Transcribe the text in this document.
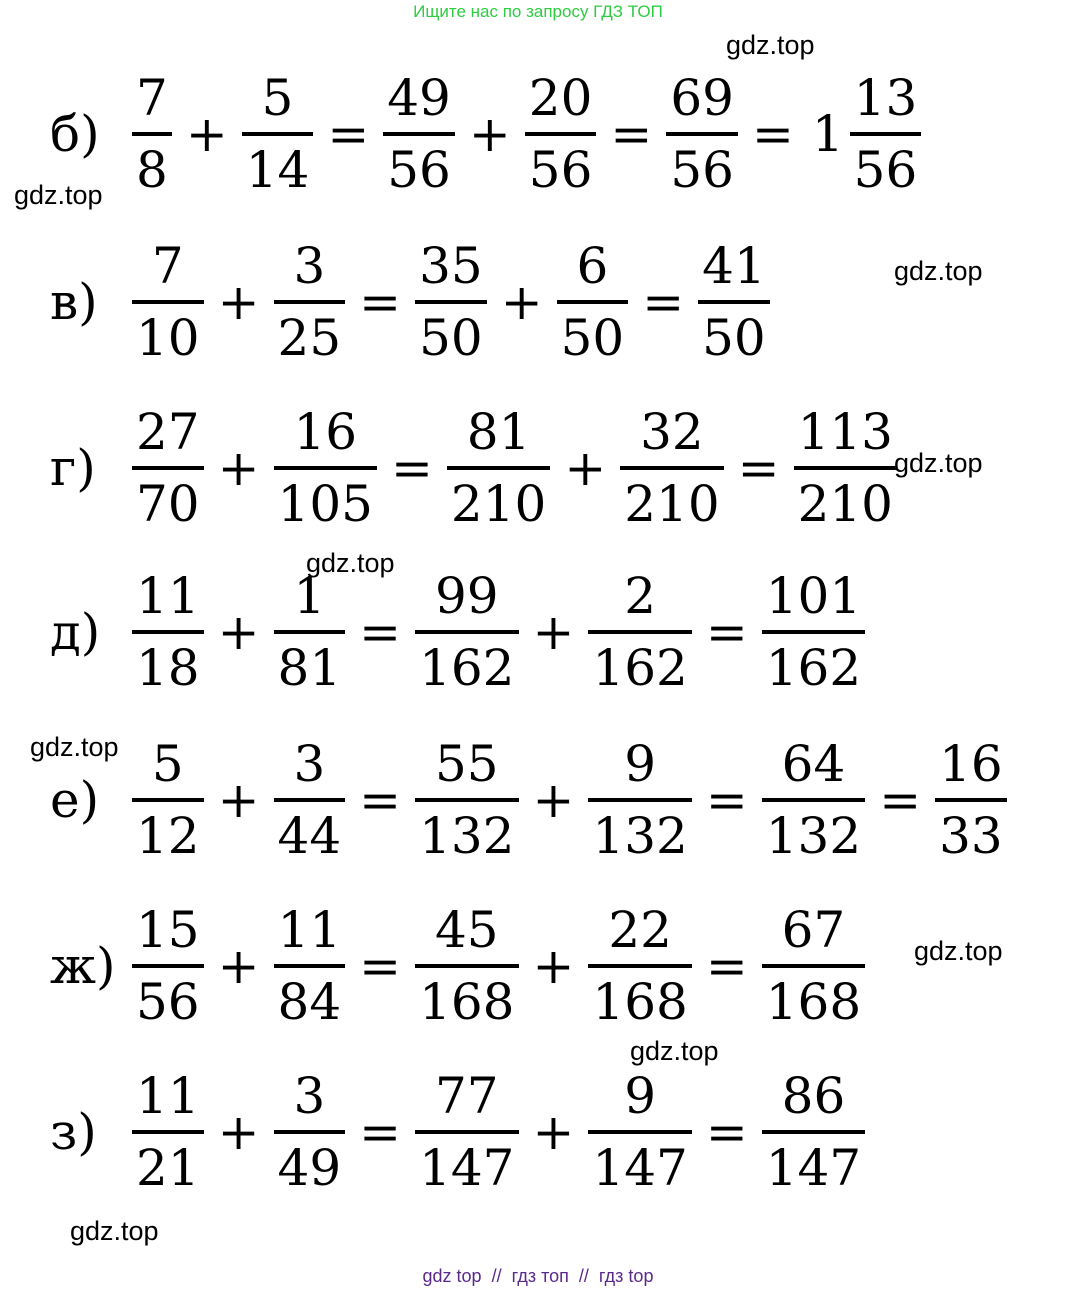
Ищите нас по запросу ГДЗ ТОП
$б) \frac{7}{8} + \frac{5}{14} = \frac{49}{56} + \frac{20}{56} = \frac{69}{56} = 1 \frac{13}{56}$
$в) \frac{7}{10} + \frac{3}{25} = \frac{35}{50} + \frac{6}{50} = \frac{41}{50}$
$г) \frac{27}{70} + \frac{16}{105} = \frac{81}{210} + \frac{32}{210} = \frac{113}{210}$
$д) \frac{11}{18} + \frac{1}{81} = \frac{99}{162} + \frac{2}{162} = \frac{101}{162}$
$е) \frac{5}{12} + \frac{3}{44} = \frac{55}{132} + \frac{9}{132} = \frac{64}{132} = \frac{16}{33}$
$ж) \frac{15}{56} + \frac{11}{84} = \frac{45}{168} + \frac{22}{168} = \frac{67}{168}$
$з) \frac{11}{21} + \frac{3}{49} = \frac{77}{147} + \frac{9}{147} = \frac{86}{147}$
gdz.top
gdz.top
gdz.top
gdz.top
gdz.top
gdz.top
gdz.top
gdz.top
gdz.top
gdz top // гдз топ // гдз top
